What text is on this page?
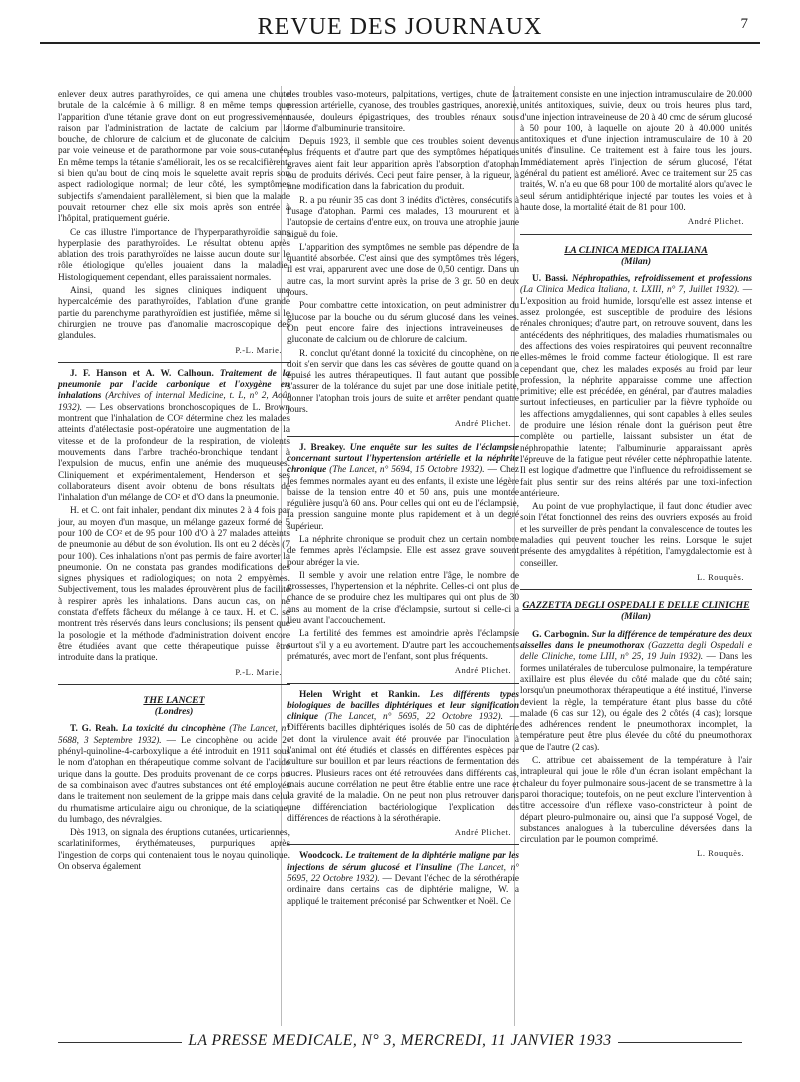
REVUE DES JOURNAUX	7

enlever deux autres parathyroïdes, ce qui amena une chute brutale de la calcémie à 6 milligr. 8 en même temps que l'apparition d'une tétanie grave dont on eut progressivement raison par l'administration de lactate de calcium par la bouche, de chlorure de calcium et de gluconate de calcium par voie veineuse et de parathormone par voie sous-cutanée. En même temps la tétanie s'améliorait, les os se recalcifièrent, si bien qu'au bout de cinq mois le squelette avait repris son aspect radiologique normal; de leur côté, les symptômes subjectifs s'amendaient parallèlement, si bien que la malade pouvait retourner chez elle six mois après son entrée à l'hôpital, pratiquement guérie.

Ce cas illustre l'importance de l'hyperparathyroïdie sans hyperplasie des parathyroïdes. Le résultat obtenu après ablation des trois parathyroïdes ne laisse aucun doute sur le rôle étiologique qu'elles jouaient dans la maladie. Histologiquement cependant, elles paraissaient normales.

Ainsi, quand les signes cliniques indiquent une hypercalcémie des parathyroïdes, l'ablation d'une grande partie du parenchyme parathyroïdien est justifiée, même si le chirurgien ne trouve pas d'anomalie macroscopique des glandules.

P.-L. Marie.

J. F. Hanson et A. W. Calhoun. Traitement de la pneumonie par l'acide carbonique et l'oxygène en inhalations (Archives of internal Medicine, t. L, n° 2, Août 1932). — Les observations bronchoscopiques de L. Brown montrent que l'inhalation de CO² détermine chez les malades atteints d'atélectasie post-opératoire une augmentation de la vitesse et de la profondeur de la respiration, de violents mouvements dans l'arbre trachéo-bronchique tendant à l'expulsion de mucus, enfin une anémie des muqueuses. Cliniquement et expérimentalement, Henderson et ses collaborateurs disent avoir obtenu de bons résultats de l'inhalation d'un mélange de CO² et d'O dans la pneumonie.

H. et C. ont fait inhaler, pendant dix minutes 2 à 4 fois par jour, au moyen d'un masque, un mélange gazeux formé de 5 pour 100 de CO² et de 95 pour 100 d'O à 27 malades atteints de pneumonie au début de son évolution. Ils ont eu 2 décès (7 pour 100). Ces inhalations n'ont pas permis de faire avorter la pneumonie. On ne constata pas grandes modifications des signes physiques et radiologiques; on nota 2 empyèmes. Subjectivement, tous les malades éprouvèrent plus de facilité à respirer après les inhalations. Dans aucun cas, on ne constata d'effets fâcheux du mélange à ce taux. H. et C. se montrent très réservés dans leurs conclusions; ils pensent que la posologie et la méthode d'administration doivent encore être étudiées avant que cette thérapeutique puisse être introduite dans la pratique.

P.-L. Marie.
THE LANCET
(Londres)

T. G. Reah. La toxicité du cincophène (The Lancet, n° 5688, 3 Septembre 1932). — Le cincophène ou acide 2-phényl-quinoline-4-carboxylique a été introduit en 1911 sous le nom d'atophan en thérapeutique comme solvant de l'acide urique dans la goutte. Des produits provenant de ce corps ou de sa combinaison avec d'autres substances ont été employés dans le traitement non seulement de la grippe mais dans celui du rhumatisme articulaire aigu ou chronique, de la sciatique, du lumbago, des névralgies.

Dès 1913, on signala des éruptions cutanées, urticariennes, scarlatiniformes, érythémateuses, purpuriques après l'ingestion de corps qui contenaient tous le noyau quinolique. On observa également

des troubles vaso-moteurs, palpitations, vertiges, chute de la pression artérielle, cyanose, des troubles gastriques, anorexie, nausée, douleurs épigastriques, des troubles rénaux sous forme d'albuminurie transitoire.

Depuis 1923, il semble que ces troubles soient devenus plus fréquents et d'autre part que des symptômes hépatiques graves aient fait leur apparition après l'absorption d'atophan ou de produits dérivés. Ceci peut faire penser, à la rigueur, à une modification dans la fabrication du produit.

R. a pu réunir 35 cas dont 3 inédits d'ictères, consécutifs à l'usage d'atophan. Parmi ces malades, 13 moururent et à l'autopsie de certains d'entre eux, on trouva une atrophie jaune aiguë du foie.

L'apparition des symptômes ne semble pas dépendre de la quantité absorbée. C'est ainsi que des symptômes très légers, il est vrai, apparurent avec une dose de 0,50 centigr. Dans un autre cas, la mort survint après la prise de 3 gr. 50 en deux jours.

Pour combattre cette intoxication, on peut administrer du glucose par la bouche ou du sérum glucosé dans les veines. On peut encore faire des injections intraveineuses de gluconate de calcium ou de chlorure de calcium.

R. conclut qu'étant donné la toxicité du cincophène, on ne doit s'en servir que dans les cas sévères de goutte quand on a épuisé les autres thérapeutiques. Il faut autant que possible s'assurer de la tolérance du sujet par une dose initiale petite, donner l'atophan trois jours de suite et arrêter pendant quatre jours.

André Plichet.

J. Breakey. Une enquête sur les suites de l'éclampsie concernant surtout l'hypertension artérielle et la néphrite chronique (The Lancet, n° 5694, 15 Octobre 1932). — Chez les femmes normales ayant eu des enfants, il existe une légère baisse de la tension entre 40 et 50 ans, puis une montée régulière jusqu'à 60 ans. Pour celles qui ont eu de l'éclampsie, la pression sanguine monte plus rapidement et à un degré supérieur.

La néphrite chronique se produit chez un certain nombre de femmes après l'éclampsie. Elle est assez grave souvent pour abréger la vie.

Il semble y avoir une relation entre l'âge, le nombre de grossesses, l'hypertension et la néphrite. Celles-ci ont plus de chance de se produire chez les multipares qui ont plus de 30 ans au moment de la crise d'éclampsie, surtout si celle-ci a lieu avant l'accouchement.

La fertilité des femmes est amoindrie après l'éclampsie surtout s'il y a eu avortement. D'autre part les accouchements prématurés, avec mort de l'enfant, sont plus fréquents.

André Plichet.

Helen Wright et Rankin. Les différents types biologiques de bacilles diphtériques et leur signification clinique (The Lancet, n° 5695, 22 Octobre 1932). — Différents bacilles diphtériques isolés de 50 cas de diphtérie et dont la virulence avait été prouvée par l'inoculation à l'animal ont été étudiés et classés en différentes espèces par culture sur bouillon et par leurs réactions de fermentation des sucres. Plusieurs races ont été retrouvées dans différents cas, mais aucune corrélation ne peut être établie entre une race et la gravité de la maladie. On ne peut non plus retrouver dans une différenciation bactériologique l'explication des différences de réactions à la sérothérapie.

André Plichet.

Woodcock. Le traitement de la diphtérie maligne par les injections de sérum glucosé et l'insuline (The Lancet, n° 5695, 22 Octobre 1932). — Devant l'échec de la sérothérapie ordinaire dans certains cas de diphtérie maligne, W. a appliqué le traitement préconisé par Schwentker et Noël. Ce

traitement consiste en une injection intramusculaire de 20.000 unités antitoxiques, suivie, deux ou trois heures plus tard, d'une injection intraveineuse de 20 à 40 cmc de sérum glucosé à 50 pour 100, à laquelle on ajoute 20 à 40.000 unités antitoxiques et d'une injection intramusculaire de 10 à 20 unités d'insuline. Ce traitement est à faire tous les jours. Immédiatement après l'injection de sérum glucosé, l'état général du patient est amélioré. Avec ce traitement sur 25 cas traités, W. n'a eu que 68 pour 100 de mortalité alors qu'avec le seul sérum antidiphtérique injecté par toutes les voies et à haute dose, la mortalité était de 81 pour 100.

André Plichet.
LA CLINICA MEDICA ITALIANA
(Milan)

U. Bassi. Néphropathies, refroidissement et professions (La Clinica Medica Italiana, t. LXIII, n° 7, Juillet 1932). — L'exposition au froid humide, lorsqu'elle est assez intense et assez prolongée, est susceptible de produire des lésions rénales chroniques; d'autre part, on retrouve souvent, dans les antécédents des néphritiques, des maladies rhumatismales ou des affections des voies respiratoires qui peuvent reconnaître elles-mêmes le froid comme facteur étiologique. Il est rare cependant que, chez les malades exposés au froid par leur profession, la néphrite apparaisse comme une affection primitive; elle est précédée, en général, par d'autres maladies surtout infectieuses, en particulier par la fièvre typhoïde ou les affections amygdaliennes, qui sont capables à elles seules de produire une lésion rénale dont la guérison peut être complète ou partielle, laissant subsister un état de néphropathie latente; l'albuminurie apparaissant après l'épreuve de la fatigue peut révéler cette néphropathie latente. Il est logique d'admettre que l'influence du refroidissement se fait plus sentir sur des reins altérés par une toxi-infection antérieure.

Au point de vue prophylactique, il faut donc étudier avec soin l'état fonctionnel des reins des ouvriers exposés au froid et les surveiller de près pendant la convalescence de toutes les maladies qui peuvent toucher les reins. Lorsque le sujet présente des amygdalites à répétition, l'amygdalectomie est à conseiller.

L. Rouquès.
GAZZETTA DEGLI OSPEDALI E DELLE CLINICHE
(Milan)

G. Carbognin. Sur la différence de température des deux aisselles dans le pneumothorax (Gazzetta degli Ospedali e delle Cliniche, tome LIII, n° 25, 19 Juin 1932). — Dans les formes unilatérales de tuberculose pulmonaire, la température axillaire est plus élevée du côté malade que du côté sain; lorsqu'un pneumothorax thérapeutique a été institué, l'inverse devient la règle, la température étant plus basse du côté malade (6 cas sur 12), ou égale des 2 côtés (4 cas); lorsque des adhérences rendent le pneumothorax incomplet, la température peut être plus élevée du côté du pneumothorax que de l'autre (2 cas).

C. attribue cet abaissement de la température à l'air intrapleural qui joue le rôle d'un écran isolant empêchant la chaleur du foyer pulmonaire sous-jacent de se transmettre à la paroi thoracique; toutefois, on ne peut exclure l'intervention à titre accessoire d'un réflexe vaso-constricteur à point de départ pleuro-pulmonaire ou, ainsi que l'a supposé Vogel, de substances analogues à la tuberculine déversées dans la circulation par le poumon comprimé.

L. Rouquès.
LA PRESSE MEDICALE, N° 3, MERCREDI, 11 JANVIER 1933
